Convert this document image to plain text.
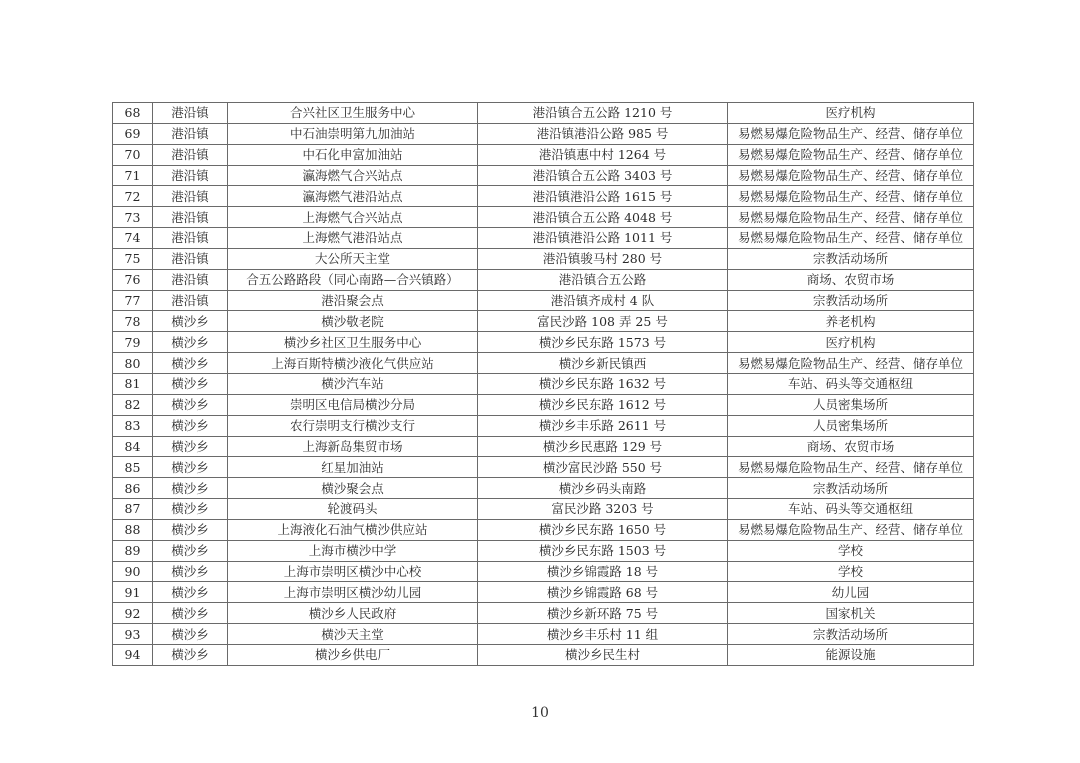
68	港沿镇	合兴社区卫生服务中心	港沿镇合五公路 1210 号	医疗机构
69	港沿镇	中石油崇明第九加油站	港沿镇港沿公路 985 号	易燃易爆危险物品生产、经营、储存单位
70	港沿镇	中石化申富加油站	港沿镇惠中村 1264 号	易燃易爆危险物品生产、经营、储存单位
71	港沿镇	瀛海燃气合兴站点	港沿镇合五公路 3403 号	易燃易爆危险物品生产、经营、储存单位
72	港沿镇	瀛海燃气港沿站点	港沿镇港沿公路 1615 号	易燃易爆危险物品生产、经营、储存单位
73	港沿镇	上海燃气合兴站点	港沿镇合五公路 4048 号	易燃易爆危险物品生产、经营、储存单位
74	港沿镇	上海燃气港沿站点	港沿镇港沿公路 1011 号	易燃易爆危险物品生产、经营、储存单位
75	港沿镇	大公所天主堂	港沿镇骏马村 280 号	宗教活动场所
76	港沿镇	合五公路路段（同心南路—合兴镇路）	港沿镇合五公路	商场、农贸市场
77	港沿镇	港沿聚会点	港沿镇齐成村 4 队	宗教活动场所
78	横沙乡	横沙敬老院	富民沙路 108 弄 25 号	养老机构
79	横沙乡	横沙乡社区卫生服务中心	横沙乡民东路 1573 号	医疗机构
80	横沙乡	上海百斯特横沙液化气供应站	横沙乡新民镇西	易燃易爆危险物品生产、经营、储存单位
81	横沙乡	横沙汽车站	横沙乡民东路 1632 号	车站、码头等交通枢纽
82	横沙乡	崇明区电信局横沙分局	横沙乡民东路 1612 号	人员密集场所
83	横沙乡	农行崇明支行横沙支行	横沙乡丰乐路 2611 号	人员密集场所
84	横沙乡	上海新岛集贸市场	横沙乡民惠路 129 号	商场、农贸市场
85	横沙乡	红星加油站	横沙富民沙路 550 号	易燃易爆危险物品生产、经营、储存单位
86	横沙乡	横沙聚会点	横沙乡码头南路	宗教活动场所
87	横沙乡	轮渡码头	富民沙路 3203 号	车站、码头等交通枢纽
88	横沙乡	上海液化石油气横沙供应站	横沙乡民东路 1650 号	易燃易爆危险物品生产、经营、储存单位
89	横沙乡	上海市横沙中学	横沙乡民东路 1503 号	学校
90	横沙乡	上海市崇明区横沙中心校	横沙乡锦霞路 18 号	学校
91	横沙乡	上海市崇明区横沙幼儿园	横沙乡锦霞路 68 号	幼儿园
92	横沙乡	横沙乡人民政府	横沙乡新环路 75 号	国家机关
93	横沙乡	横沙天主堂	横沙乡丰乐村 11 组	宗教活动场所
94	横沙乡	横沙乡供电厂	横沙乡民生村	能源设施
10
